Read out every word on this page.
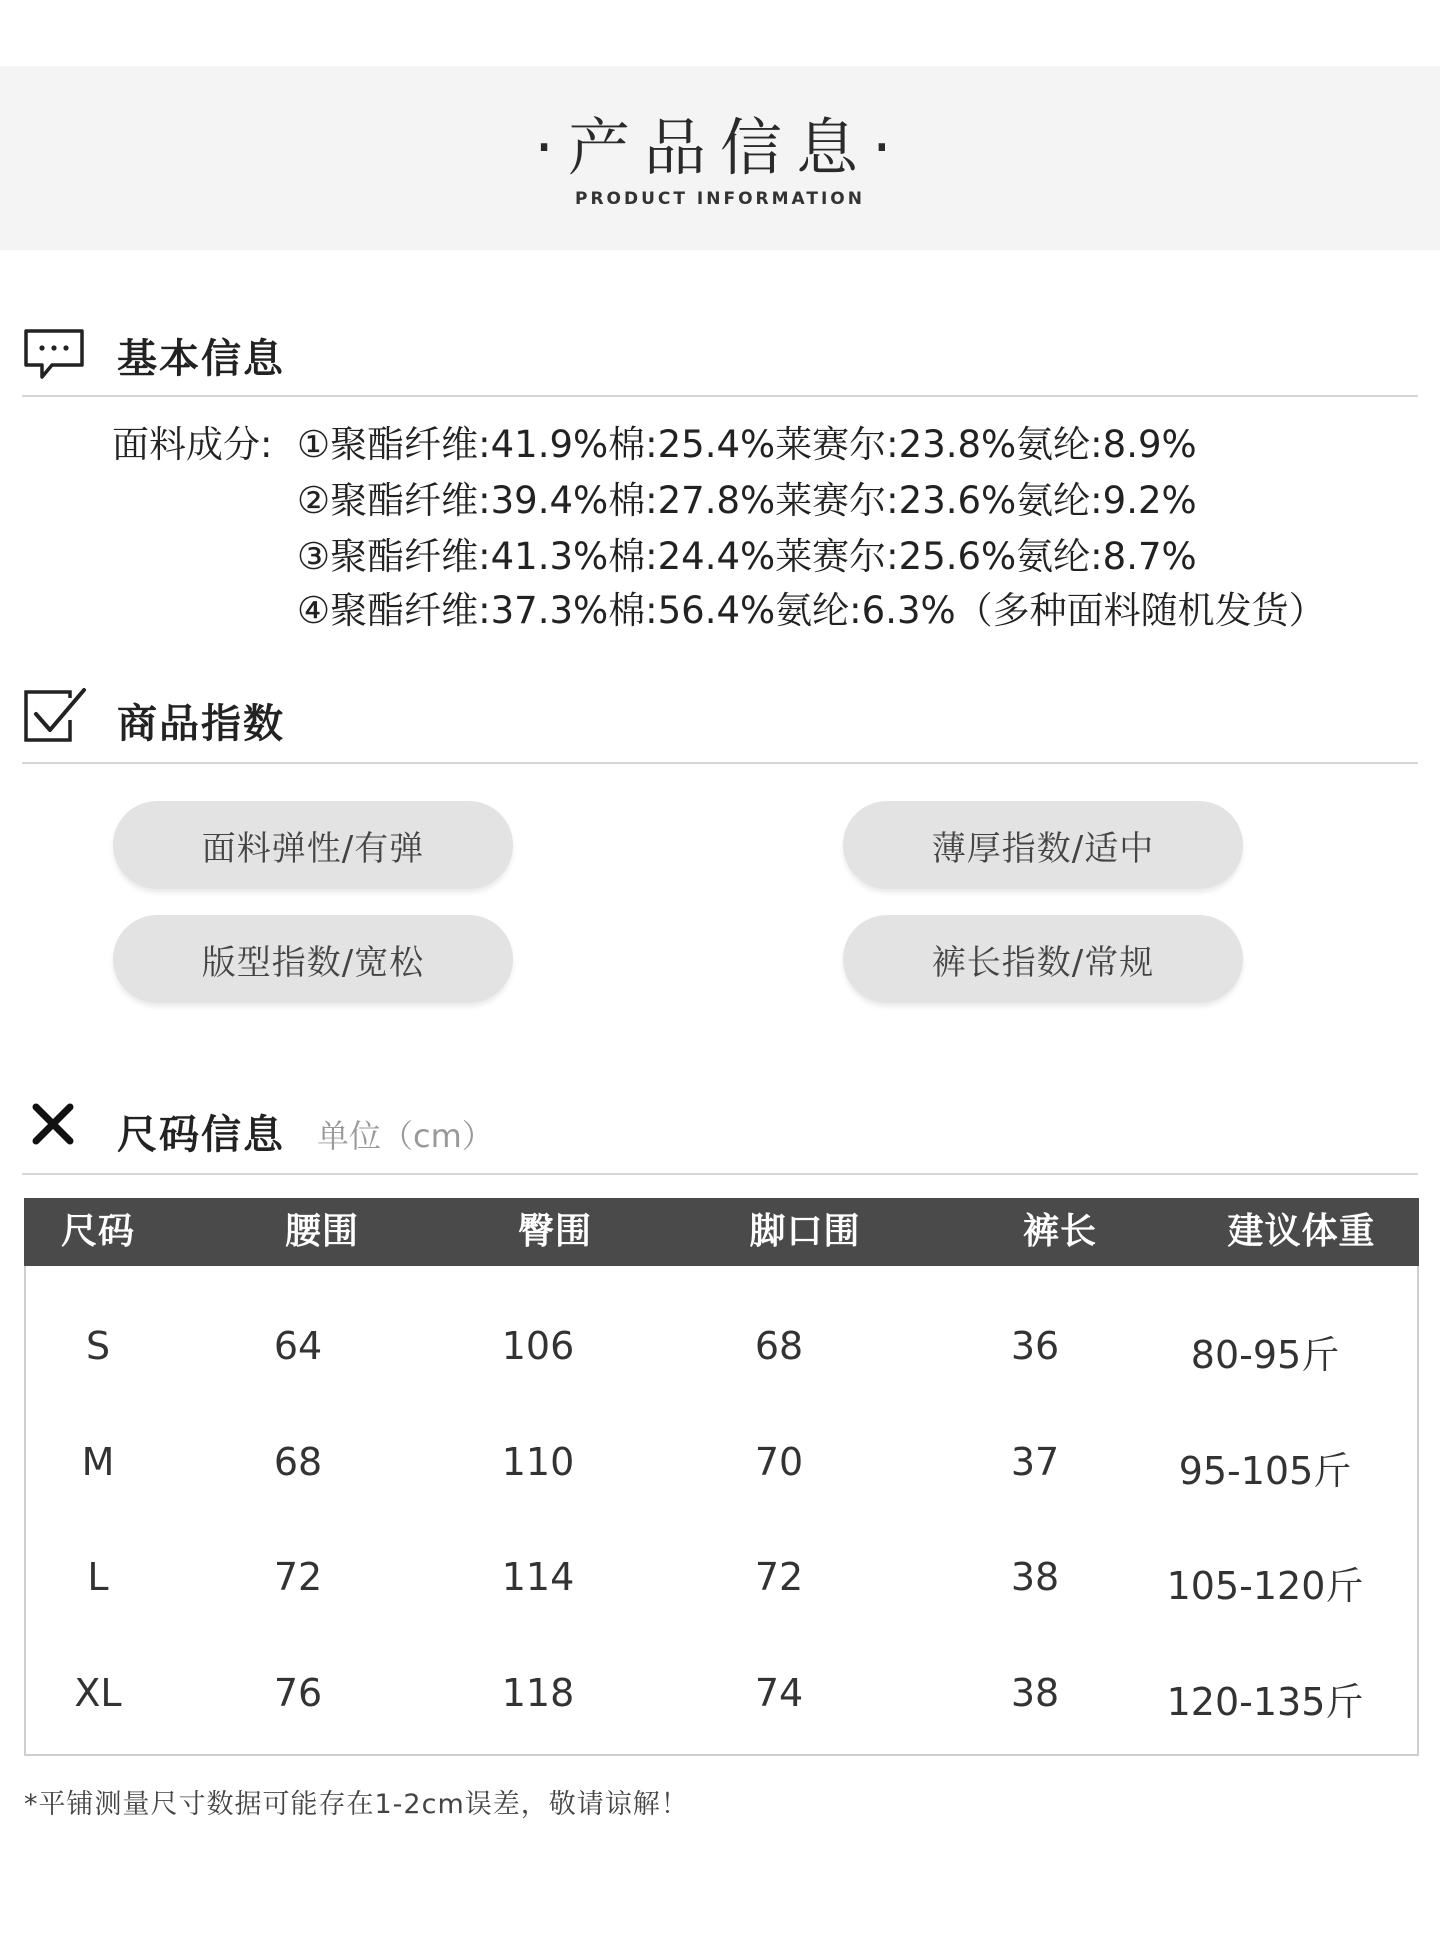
·产品信息·
PRODUCT INFORMATION
基本信息
面料成分: ①聚酯纤维:41.9%棉:25.4%莱赛尔:23.8%氨纶:8.9%
②聚酯纤维:39.4%棉:27.8%莱赛尔:23.6%氨纶:9.2%
③聚酯纤维:41.3%棉:24.4%莱赛尔:25.6%氨纶:8.7%
④聚酯纤维:37.3%棉:56.4%氨纶:6.3%（多种面料随机发货）
商品指数
面料弹性/有弹	薄厚指数/适中
版型指数/宽松	裤长指数/常规
尺码信息 单位（cm）
尺码	腰围	臀围	脚口围	裤长	建议体重
S	64	106	68	36	80-95斤
M	68	110	70	37	95-105斤
L	72	114	72	38	105-120斤
XL	76	118	74	38	120-135斤
*平铺测量尺寸数据可能存在1-2cm误差，敬请谅解！
